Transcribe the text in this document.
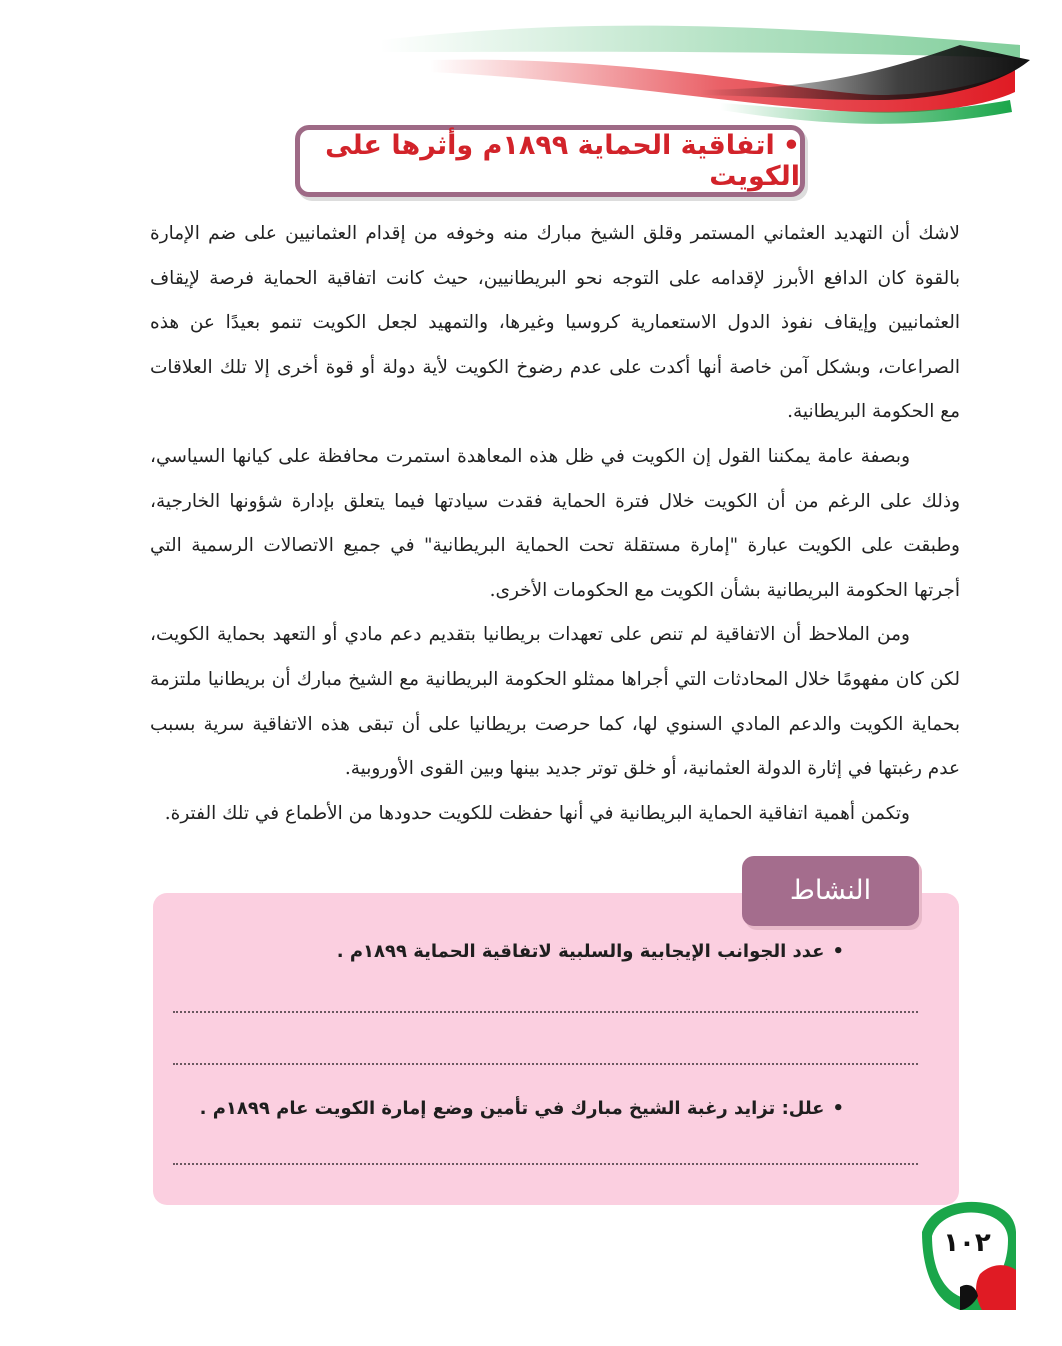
•اتفاقية الحماية ١٨٩٩م وأثرها على الكويت

لاشك أن التهديد العثماني المستمر وقلق الشيخ مبارك منه وخوفه من إقدام العثمانيين على ضم الإمارة بالقوة كان الدافع الأبرز لإقدامه على التوجه نحو البريطانيين، حيث كانت اتفاقية الحماية فرصة لإيقاف العثمانيين وإيقاف نفوذ الدول الاستعمارية كروسيا وغيرها، والتمهيد لجعل الكويت تنمو بعيدًا عن هذه الصراعات، وبشكل آمن خاصة أنها أكدت على عدم رضوخ الكويت لأية دولة أو قوة أخرى إلا تلك العلاقات مع الحكومة البريطانية.

وبصفة عامة يمكننا القول إن الكويت في ظل هذه المعاهدة استمرت محافظة على كيانها السياسي، وذلك على الرغم من أن الكويت خلال فترة الحماية فقدت سيادتها فيما يتعلق بإدارة شؤونها الخارجية، وطبقت على الكويت عبارة "إمارة مستقلة تحت الحماية البريطانية" في جميع الاتصالات الرسمية التي أجرتها الحكومة البريطانية بشأن الكويت مع الحكومات الأخرى.

ومن الملاحظ أن الاتفاقية لم تنص على تعهدات بريطانيا بتقديم دعم مادي أو التعهد بحماية الكويت، لكن كان مفهومًا خلال المحادثات التي أجراها ممثلو الحكومة البريطانية مع الشيخ مبارك أن بريطانيا ملتزمة بحماية الكويت والدعم المادي السنوي لها، كما حرصت بريطانيا على أن تبقى هذه الاتفاقية سرية بسبب عدم رغبتها في إثارة الدولة العثمانية، أو خلق توتر جديد بينها وبين القوى الأوروبية.

وتكمن أهمية اتفاقية الحماية البريطانية في أنها حفظت للكويت حدودها من الأطماع في تلك الفترة.

•عدد الجوانب الإيجابية والسلبية لاتفاقية الحماية ١٨٩٩م .
•علل: تزايد رغبة الشيخ مبارك في تأمين وضع إمارة الكويت عام ١٨٩٩م .
النشاط
١٠٢
